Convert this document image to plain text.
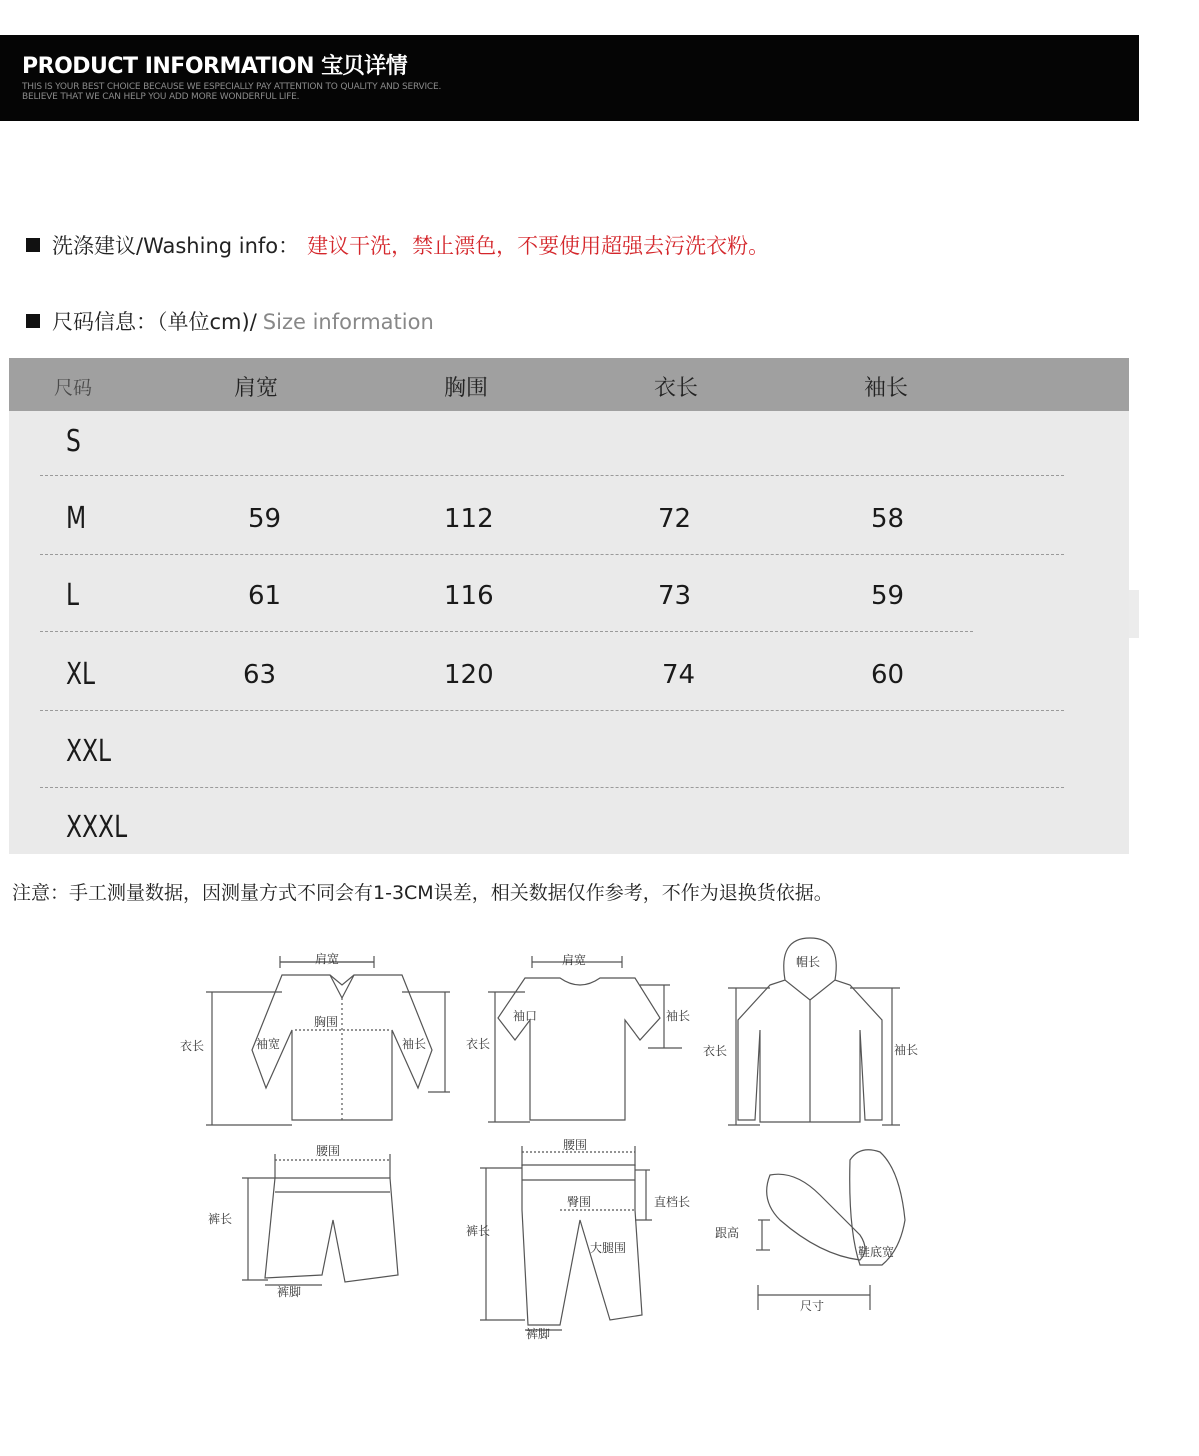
PRODUCT INFORMATION 宝贝详情
THIS IS YOUR BEST CHOICE BECAUSE WE ESPECIALLY PAY ATTENTION TO QUALITY AND SERVICE.
BELIEVE THAT WE CAN HELP YOU ADD MORE WONDERFUL LIFE.
洗涤建议/Washing info： 建议干洗，禁止漂色，不要使用超强去污洗衣粉。
尺码信息：（单位cm)/ Size information
尺码	肩宽	胸围	衣长	袖长
S
M	59	112	72	58
L	61	116	73	59
XL	63	120	74	60
XXL
XXXL
注意：手工测量数据，因测量方式不同会有1-3CM误差，相关数据仅作参考，不作为退换货依据。
肩宽
胸围
衣长	袖宽	袖长
肩宽
袖口
衣长
袖长
帽长
衣长	袖长
腰围
裤长
裤脚
腰围
臀围	直档长
裤长
大腿围
裤脚
跟高
鞋底宽
尺寸
